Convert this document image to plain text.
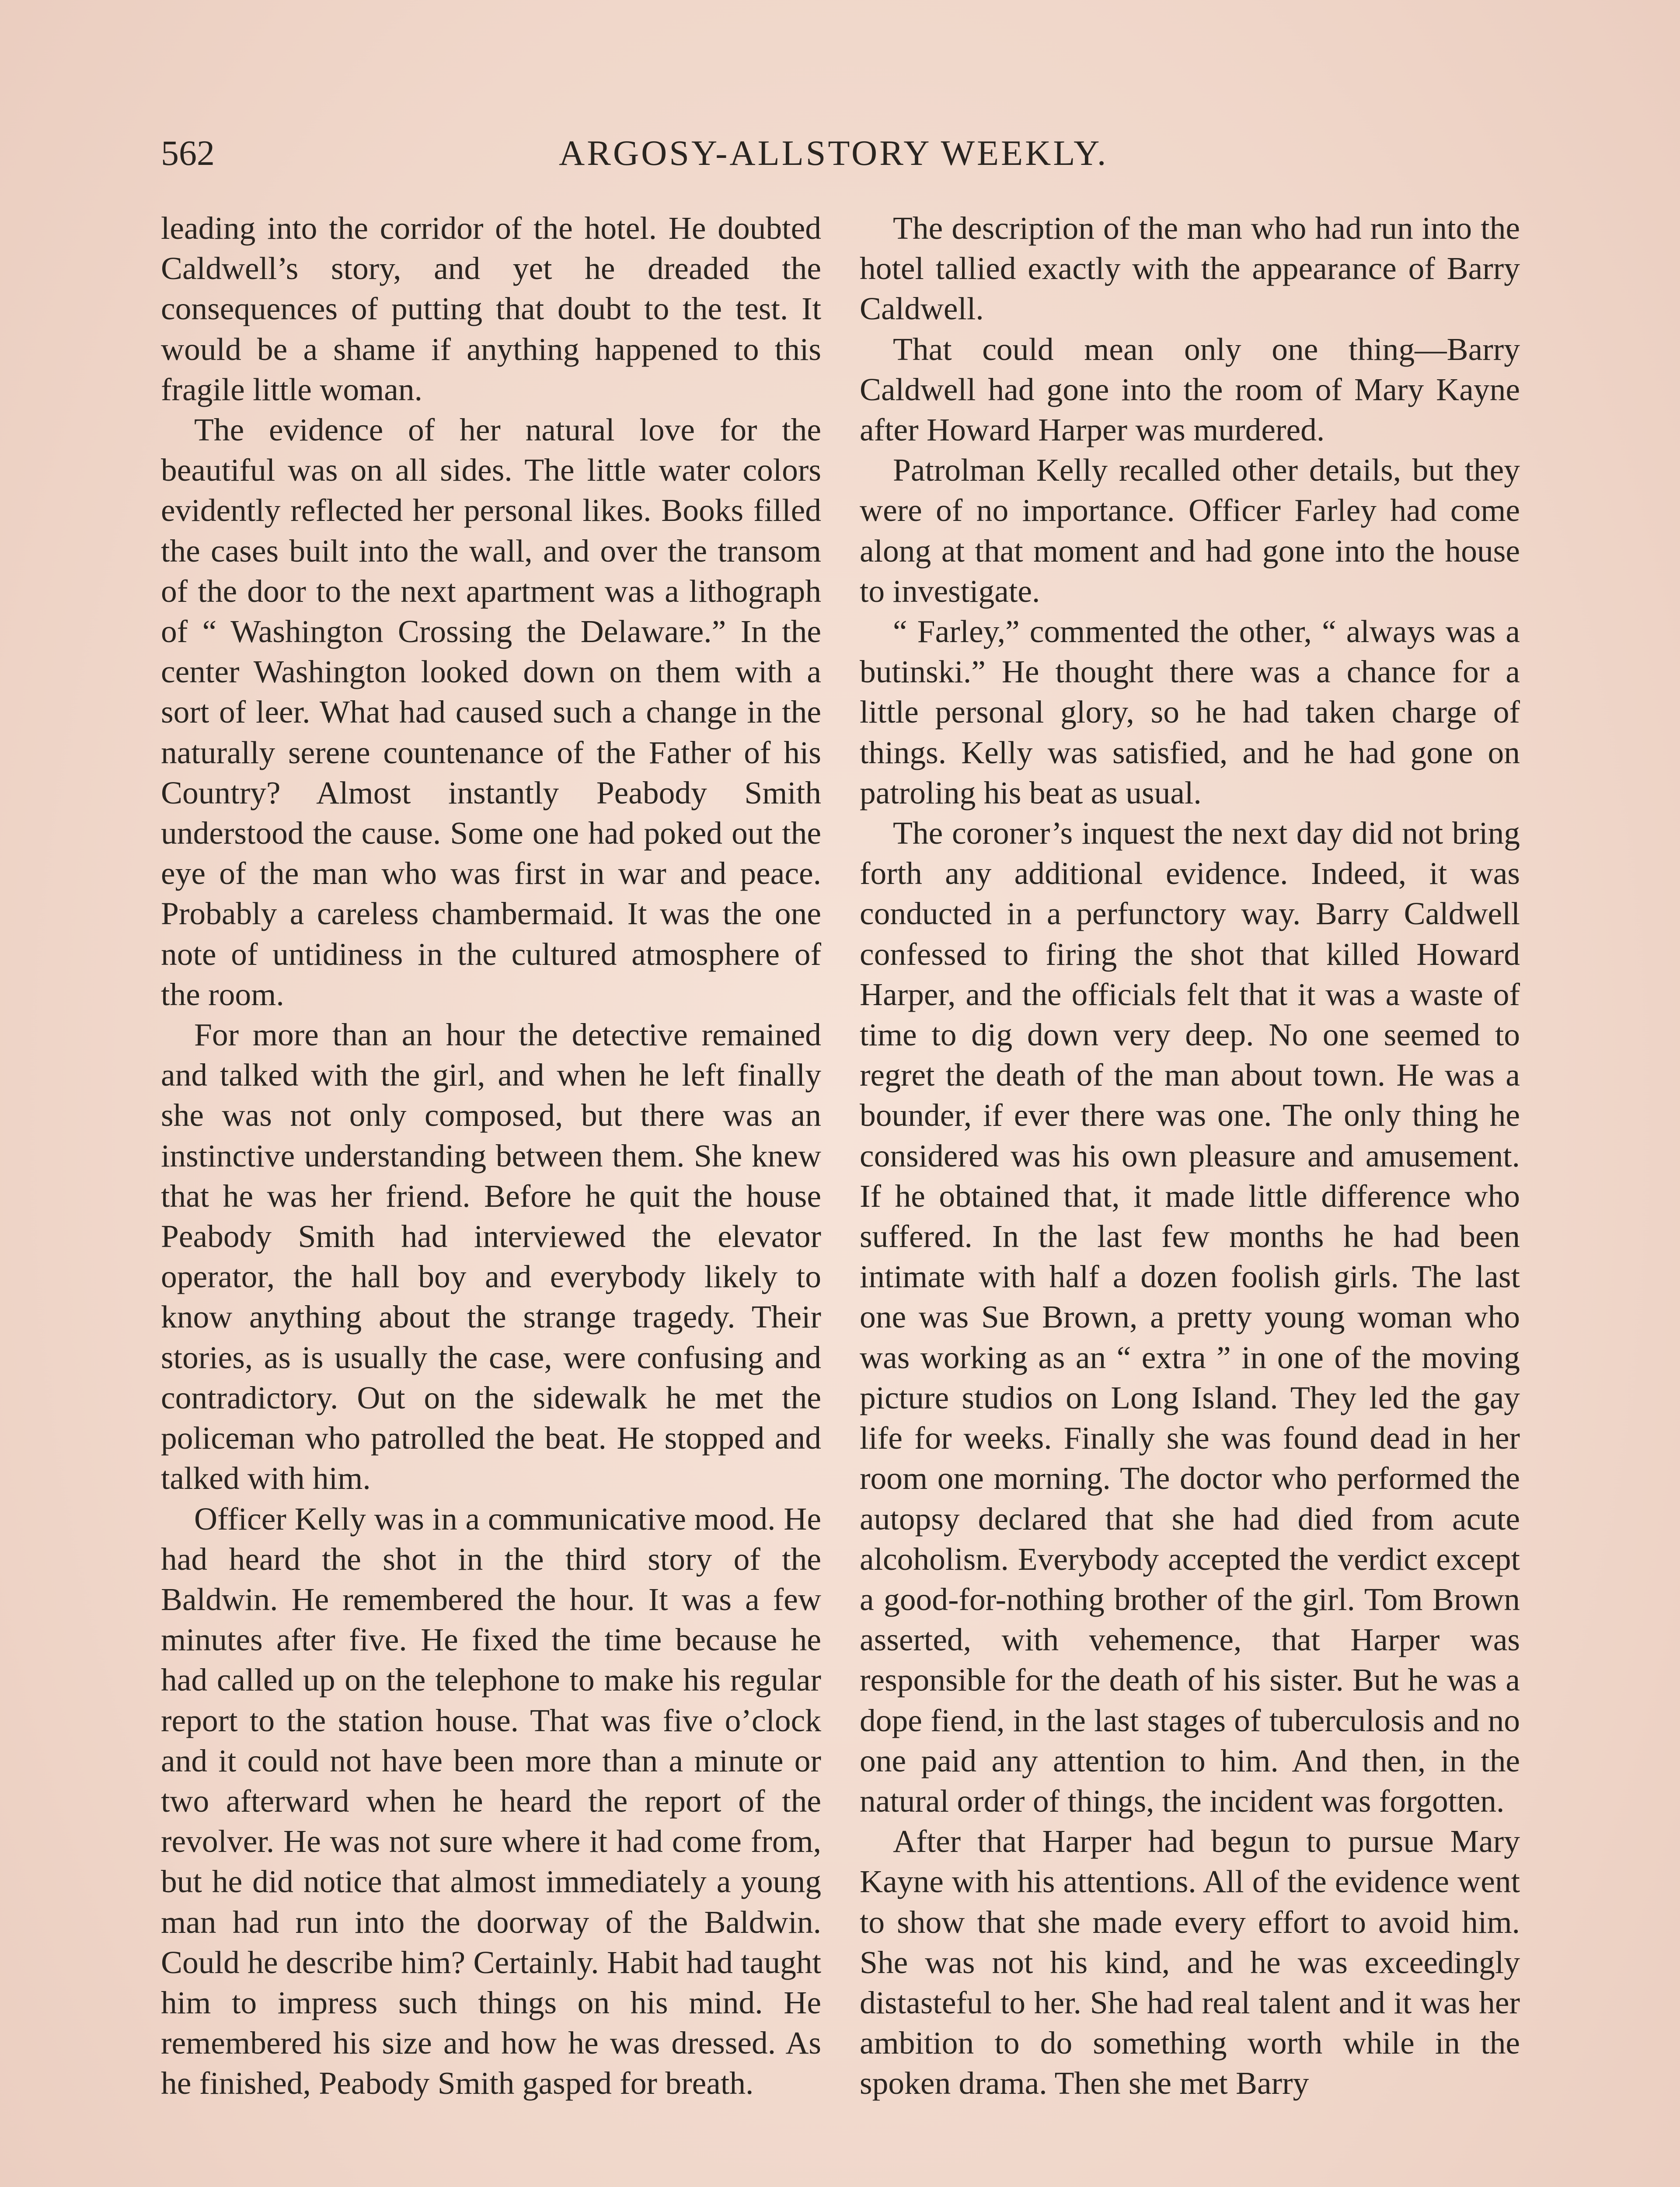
562	ARGOSY-ALLSTORY WEEKLY.

leading into the corridor of the hotel. He doubted Caldwell’s story, and yet he dreaded the consequences of putting that doubt to the test. It would be a shame if anything happened to this fragile little woman.

The evidence of her natural love for the beautiful was on all sides. The little water colors evidently reflected her personal likes. Books filled the cases built into the wall, and over the transom of the door to the next apartment was a lithograph of “ Washington Crossing the Delaware.” In the center Washington looked down on them with a sort of leer. What had caused such a change in the naturally serene countenance of the Father of his Country? Almost instantly Peabody Smith understood the cause. Some one had poked out the eye of the man who was first in war and peace. Probably a careless chambermaid. It was the one note of untidiness in the cultured atmosphere of the room.

For more than an hour the detective remained and talked with the girl, and when he left finally she was not only composed, but there was an instinctive understanding between them. She knew that he was her friend. Before he quit the house Peabody Smith had interviewed the elevator operator, the hall boy and everybody likely to know anything about the strange tragedy. Their stories, as is usually the case, were confusing and contradictory. Out on the sidewalk he met the policeman who patrolled the beat. He stopped and talked with him.

Officer Kelly was in a communicative mood. He had heard the shot in the third story of the Baldwin. He remembered the hour. It was a few minutes after five. He fixed the time because he had called up on the telephone to make his regular report to the station house. That was five o’clock and it could not have been more than a minute or two afterward when he heard the report of the revolver. He was not sure where it had come from, but he did notice that almost immediately a young man had run into the doorway of the Baldwin. Could he describe him? Certainly. Habit had taught him to impress such things on his mind. He remembered his size and how he was dressed. As he finished, Peabody Smith gasped for breath.

The description of the man who had run into the hotel tallied exactly with the appearance of Barry Caldwell.

That could mean only one thing—Barry Caldwell had gone into the room of Mary Kayne after Howard Harper was murdered.

Patrolman Kelly recalled other details, but they were of no importance. Officer Farley had come along at that moment and had gone into the house to investigate.

“ Farley,” commented the other, “ always was a butinski.” He thought there was a chance for a little personal glory, so he had taken charge of things. Kelly was satisfied, and he had gone on patroling his beat as usual.

The coroner’s inquest the next day did not bring forth any additional evidence. Indeed, it was conducted in a perfunctory way. Barry Caldwell confessed to firing the shot that killed Howard Harper, and the officials felt that it was a waste of time to dig down very deep. No one seemed to regret the death of the man about town. He was a bounder, if ever there was one. The only thing he considered was his own pleasure and amusement. If he obtained that, it made little difference who suffered. In the last few months he had been intimate with half a dozen foolish girls. The last one was Sue Brown, a pretty young woman who was working as an “ extra ” in one of the moving picture studios on Long Island. They led the gay life for weeks. Finally she was found dead in her room one morning. The doctor who performed the autopsy declared that she had died from acute alcoholism. Everybody accepted the verdict except a good-for-nothing brother of the girl. Tom Brown asserted, with vehemence, that Harper was responsible for the death of his sister. But he was a dope fiend, in the last stages of tuberculosis and no one paid any attention to him. And then, in the natural order of things, the incident was forgotten.

After that Harper had begun to pursue Mary Kayne with his attentions. All of the evidence went to show that she made every effort to avoid him. She was not his kind, and he was exceedingly distasteful to her. She had real talent and it was her ambition to do something worth while in the spoken drama. Then she met Barry
